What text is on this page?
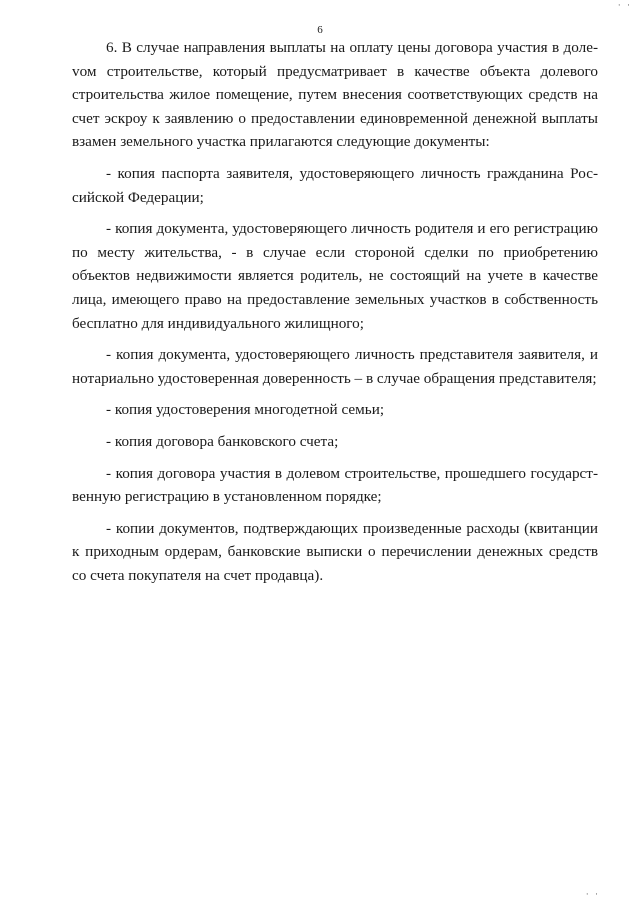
· ·
6

6. В случае направления выплаты на оплату цены договора участия в долеvом строительстве, который предусматривает в качестве объекта долевого строительства жилое помещение, путем внесения соответствующих средств на счет эскроу к заявлению о предоставлении единовременной денежной выплаты взамен земельного участка прилагаются следующие документы:

- копия паспорта заявителя, удостоверяющего личность гражданина Российской Федерации;

- копия документа, удостоверяющего личность родителя и его регистрацию по месту жительства, - в случае если стороной сделки по приобретению объектов недвижимости является родитель, не состоящий на учете в качестве лица, имеющего право на предоставление земельных участков в собственность бесплатно для индивидуального жилищного;

- копия документа, удостоверяющего личность представителя заявителя, и нотариально удостоверенная доверенность – в случае обращения представителя;

- копия удостоверения многодетной семьи;

- копия договора банковского счета;

- копия договора участия в долевом строительстве, прошедшего государственную регистрацию в установленном порядке;

- копии документов, подтверждающих произведенные расходы (квитанции к приходным ордерам, банковские выписки о перечислении денежных средств со счета покупателя на счет продавца).

· ·
